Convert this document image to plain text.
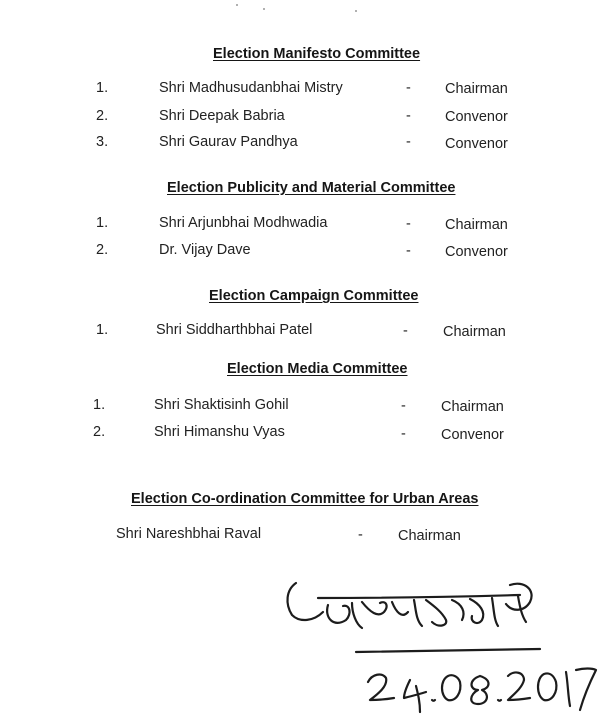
Election Manifesto Committee
1.	Shri Madhusudanbhai Mistry	- Chairman
2.	Shri Deepak Babria	- Convenor
3.	Shri Gaurav Pandhya	- Convenor
Election Publicity and Material Committee
1.	Shri Arjunbhai Modhwadia	- Chairman
2.	Dr. Vijay Dave	- Convenor
Election Campaign Committee
1.	Shri Siddharthbhai Patel	- Chairman
Election Media Committee
1.	Shri Shaktisinh Gohil	- Chairman
2.	Shri Himanshu Vyas	- Convenor
Election Co-ordination Committee for Urban Areas
Shri Nareshbhai Raval	- Chairman
